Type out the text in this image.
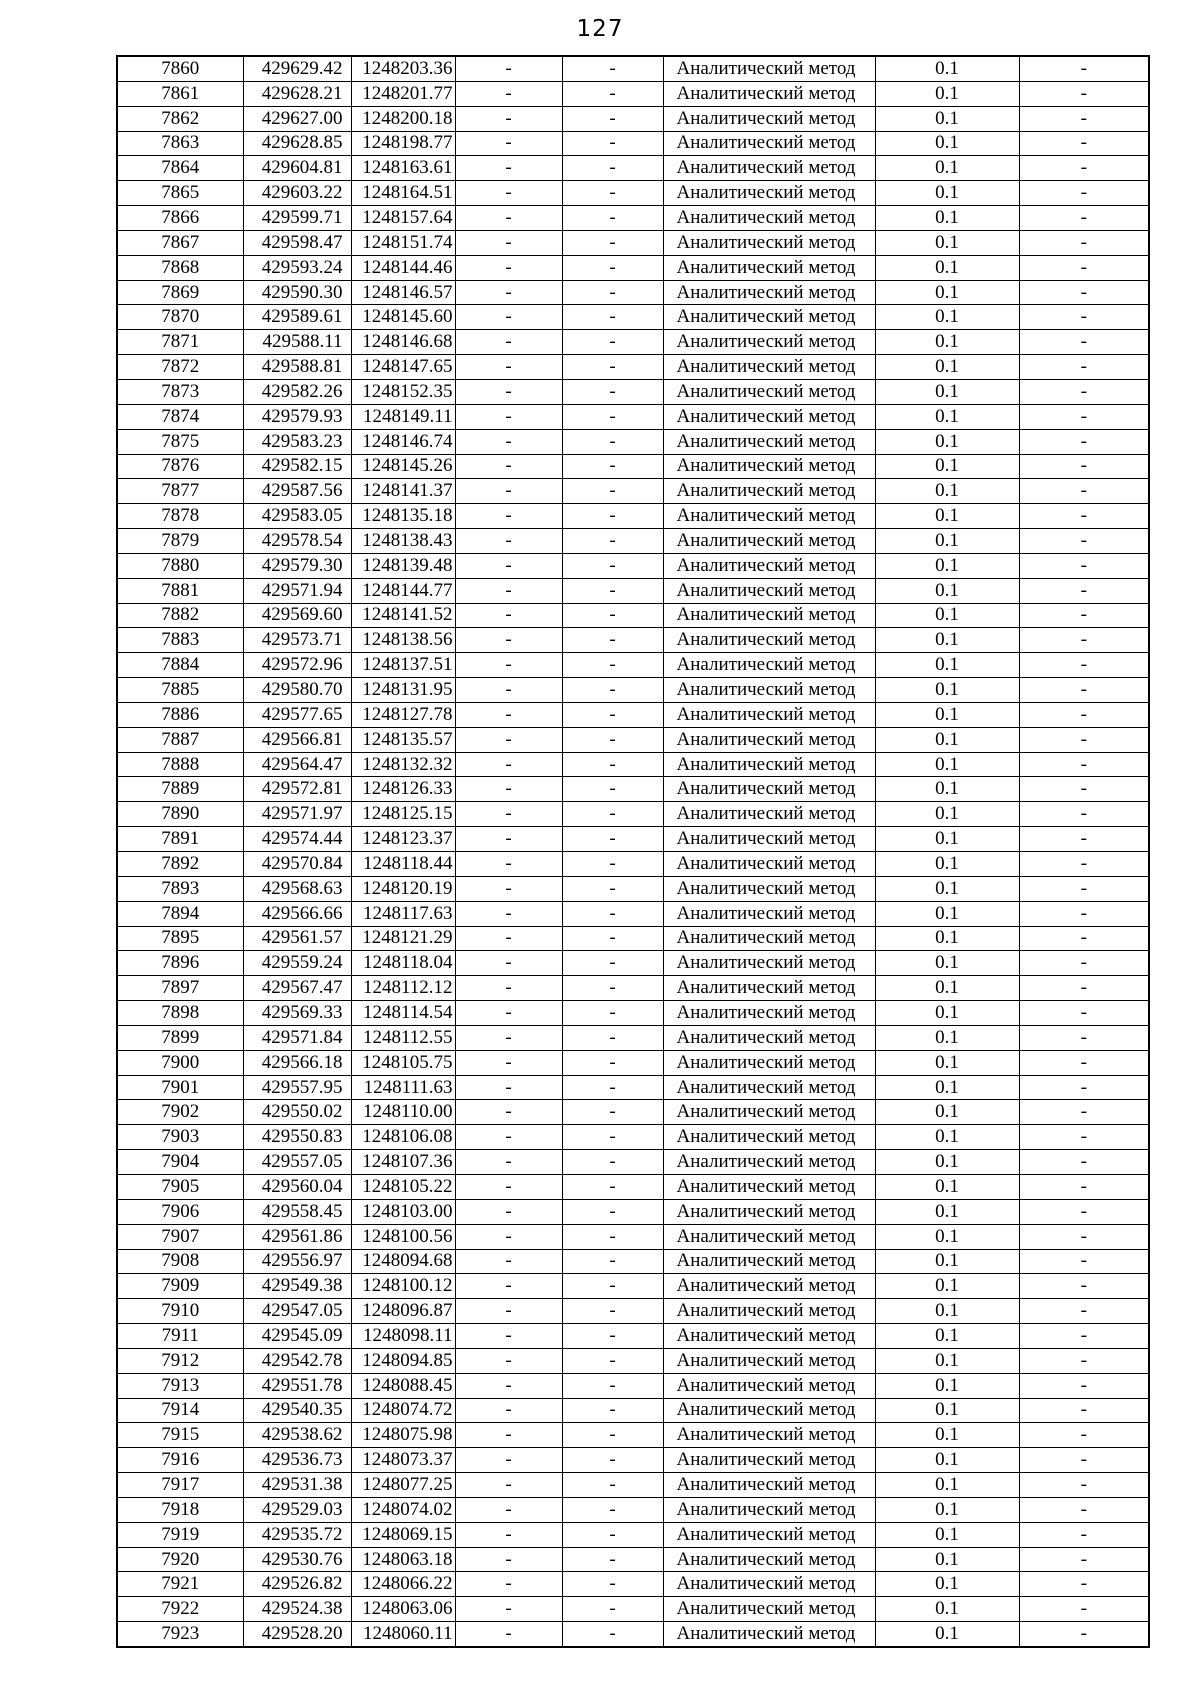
127
7860	429629.42	1248203.36	-	-	Аналитический метод	0.1	-
7861	429628.21	1248201.77	-	-	Аналитический метод	0.1	-
7862	429627.00	1248200.18	-	-	Аналитический метод	0.1	-
7863	429628.85	1248198.77	-	-	Аналитический метод	0.1	-
7864	429604.81	1248163.61	-	-	Аналитический метод	0.1	-
7865	429603.22	1248164.51	-	-	Аналитический метод	0.1	-
7866	429599.71	1248157.64	-	-	Аналитический метод	0.1	-
7867	429598.47	1248151.74	-	-	Аналитический метод	0.1	-
7868	429593.24	1248144.46	-	-	Аналитический метод	0.1	-
7869	429590.30	1248146.57	-	-	Аналитический метод	0.1	-
7870	429589.61	1248145.60	-	-	Аналитический метод	0.1	-
7871	429588.11	1248146.68	-	-	Аналитический метод	0.1	-
7872	429588.81	1248147.65	-	-	Аналитический метод	0.1	-
7873	429582.26	1248152.35	-	-	Аналитический метод	0.1	-
7874	429579.93	1248149.11	-	-	Аналитический метод	0.1	-
7875	429583.23	1248146.74	-	-	Аналитический метод	0.1	-
7876	429582.15	1248145.26	-	-	Аналитический метод	0.1	-
7877	429587.56	1248141.37	-	-	Аналитический метод	0.1	-
7878	429583.05	1248135.18	-	-	Аналитический метод	0.1	-
7879	429578.54	1248138.43	-	-	Аналитический метод	0.1	-
7880	429579.30	1248139.48	-	-	Аналитический метод	0.1	-
7881	429571.94	1248144.77	-	-	Аналитический метод	0.1	-
7882	429569.60	1248141.52	-	-	Аналитический метод	0.1	-
7883	429573.71	1248138.56	-	-	Аналитический метод	0.1	-
7884	429572.96	1248137.51	-	-	Аналитический метод	0.1	-
7885	429580.70	1248131.95	-	-	Аналитический метод	0.1	-
7886	429577.65	1248127.78	-	-	Аналитический метод	0.1	-
7887	429566.81	1248135.57	-	-	Аналитический метод	0.1	-
7888	429564.47	1248132.32	-	-	Аналитический метод	0.1	-
7889	429572.81	1248126.33	-	-	Аналитический метод	0.1	-
7890	429571.97	1248125.15	-	-	Аналитический метод	0.1	-
7891	429574.44	1248123.37	-	-	Аналитический метод	0.1	-
7892	429570.84	1248118.44	-	-	Аналитический метод	0.1	-
7893	429568.63	1248120.19	-	-	Аналитический метод	0.1	-
7894	429566.66	1248117.63	-	-	Аналитический метод	0.1	-
7895	429561.57	1248121.29	-	-	Аналитический метод	0.1	-
7896	429559.24	1248118.04	-	-	Аналитический метод	0.1	-
7897	429567.47	1248112.12	-	-	Аналитический метод	0.1	-
7898	429569.33	1248114.54	-	-	Аналитический метод	0.1	-
7899	429571.84	1248112.55	-	-	Аналитический метод	0.1	-
7900	429566.18	1248105.75	-	-	Аналитический метод	0.1	-
7901	429557.95	1248111.63	-	-	Аналитический метод	0.1	-
7902	429550.02	1248110.00	-	-	Аналитический метод	0.1	-
7903	429550.83	1248106.08	-	-	Аналитический метод	0.1	-
7904	429557.05	1248107.36	-	-	Аналитический метод	0.1	-
7905	429560.04	1248105.22	-	-	Аналитический метод	0.1	-
7906	429558.45	1248103.00	-	-	Аналитический метод	0.1	-
7907	429561.86	1248100.56	-	-	Аналитический метод	0.1	-
7908	429556.97	1248094.68	-	-	Аналитический метод	0.1	-
7909	429549.38	1248100.12	-	-	Аналитический метод	0.1	-
7910	429547.05	1248096.87	-	-	Аналитический метод	0.1	-
7911	429545.09	1248098.11	-	-	Аналитический метод	0.1	-
7912	429542.78	1248094.85	-	-	Аналитический метод	0.1	-
7913	429551.78	1248088.45	-	-	Аналитический метод	0.1	-
7914	429540.35	1248074.72	-	-	Аналитический метод	0.1	-
7915	429538.62	1248075.98	-	-	Аналитический метод	0.1	-
7916	429536.73	1248073.37	-	-	Аналитический метод	0.1	-
7917	429531.38	1248077.25	-	-	Аналитический метод	0.1	-
7918	429529.03	1248074.02	-	-	Аналитический метод	0.1	-
7919	429535.72	1248069.15	-	-	Аналитический метод	0.1	-
7920	429530.76	1248063.18	-	-	Аналитический метод	0.1	-
7921	429526.82	1248066.22	-	-	Аналитический метод	0.1	-
7922	429524.38	1248063.06	-	-	Аналитический метод	0.1	-
7923	429528.20	1248060.11	-	-	Аналитический метод	0.1	-
